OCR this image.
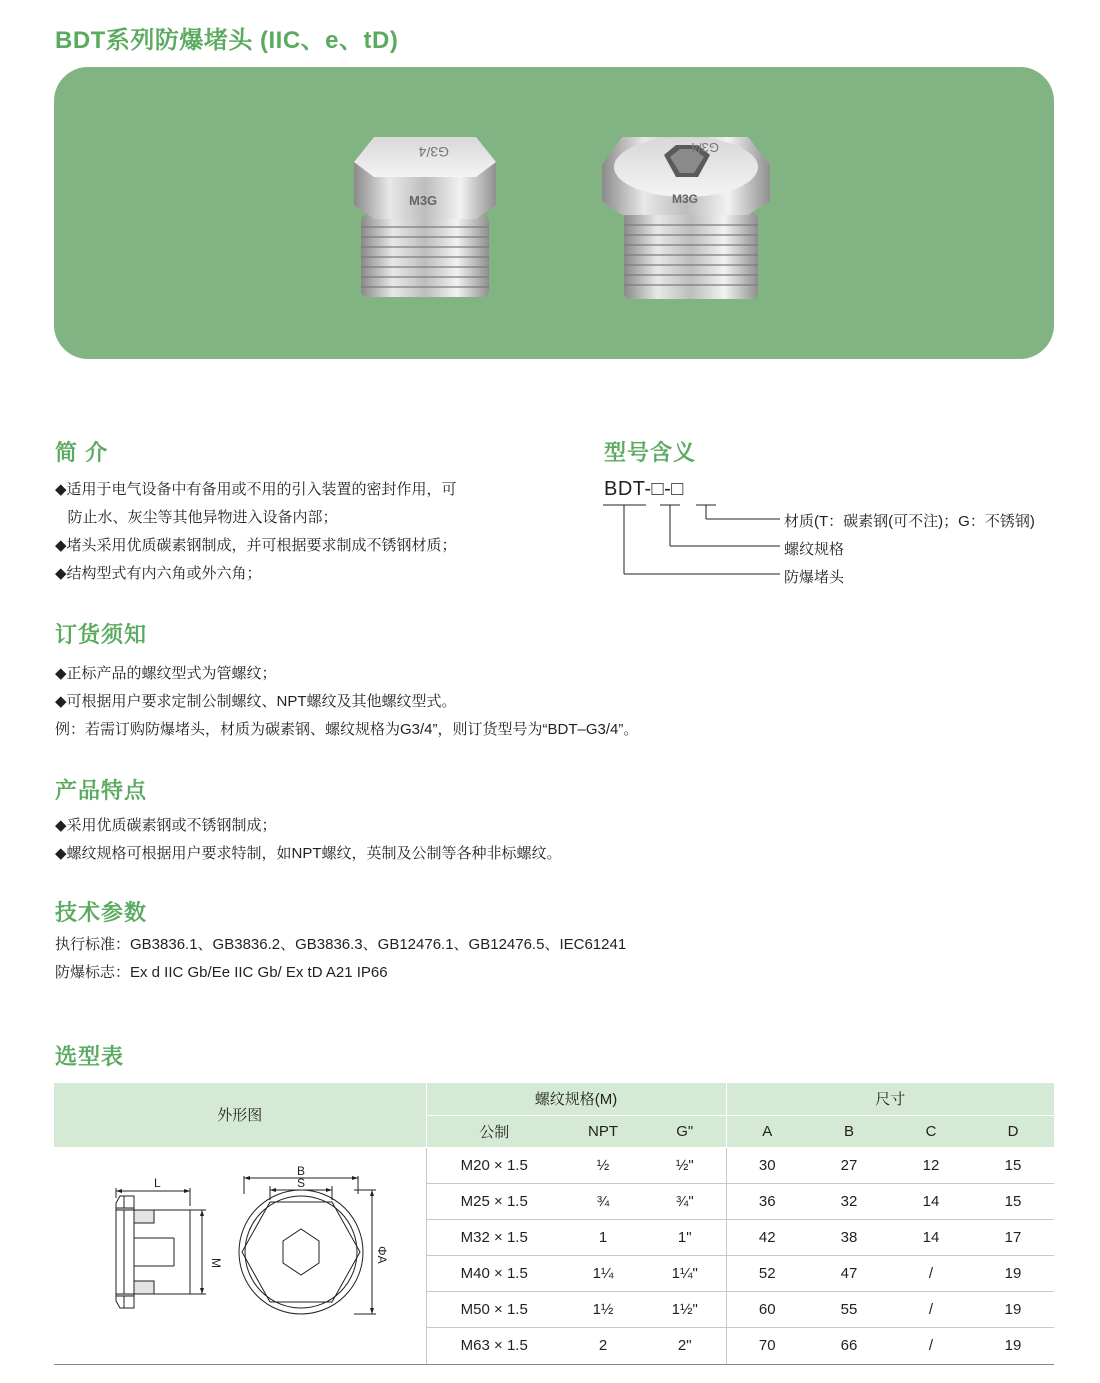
BDT系列防爆堵头 (IIC、e、tD)
G3/4
M3G
G3/4
M3G
简 介
◆适用于电气设备中有备用或不用的引入装置的密封作用，可
防止水、灰尘等其他异物进入设备内部；
◆堵头采用优质碳素钢制成，并可根据要求制成不锈钢材质；
◆结构型式有内六角或外六角；
型号含义
BDT-□-□
材质(T：碳素钢(可不注)；G：不锈钢)
螺纹规格
防爆堵头
订货须知
◆正标产品的螺纹型式为管螺纹；
◆可根据用户要求定制公制螺纹、NPT螺纹及其他螺纹型式。
例：若需订购防爆堵头，材质为碳素钢、螺纹规格为G3/4”，则订货型号为“BDT–G3/4”。
产品特点
◆采用优质碳素钢或不锈钢制成；
◆螺纹规格可根据用户要求特制，如NPT螺纹，英制及公制等各种非标螺纹。
技术参数
执行标准：GB3836.1、GB3836.2、GB3836.3、GB12476.1、GB12476.5、IEC61241
防爆标志：Ex d IIC Gb/Ee IIC Gb/ Ex tD A21 IP66
选型表
外形图	螺纹规格(M)			尺寸			
	公制	NPT	G"	A	B	C	D

L
B
S
M ΦA	M20 × 1.5	½	½"	30	27	12	15
	M25 × 1.5	¾	¾"	36	32	14	15
	M32 × 1.5	1	1"	42	38	14	17
	M40 × 1.5	1¼	1¼"	52	47	/	19
	M50 × 1.5	1½	1½"	60	55	/	19
	M63 × 1.5	2	2"	70	66	/	19
